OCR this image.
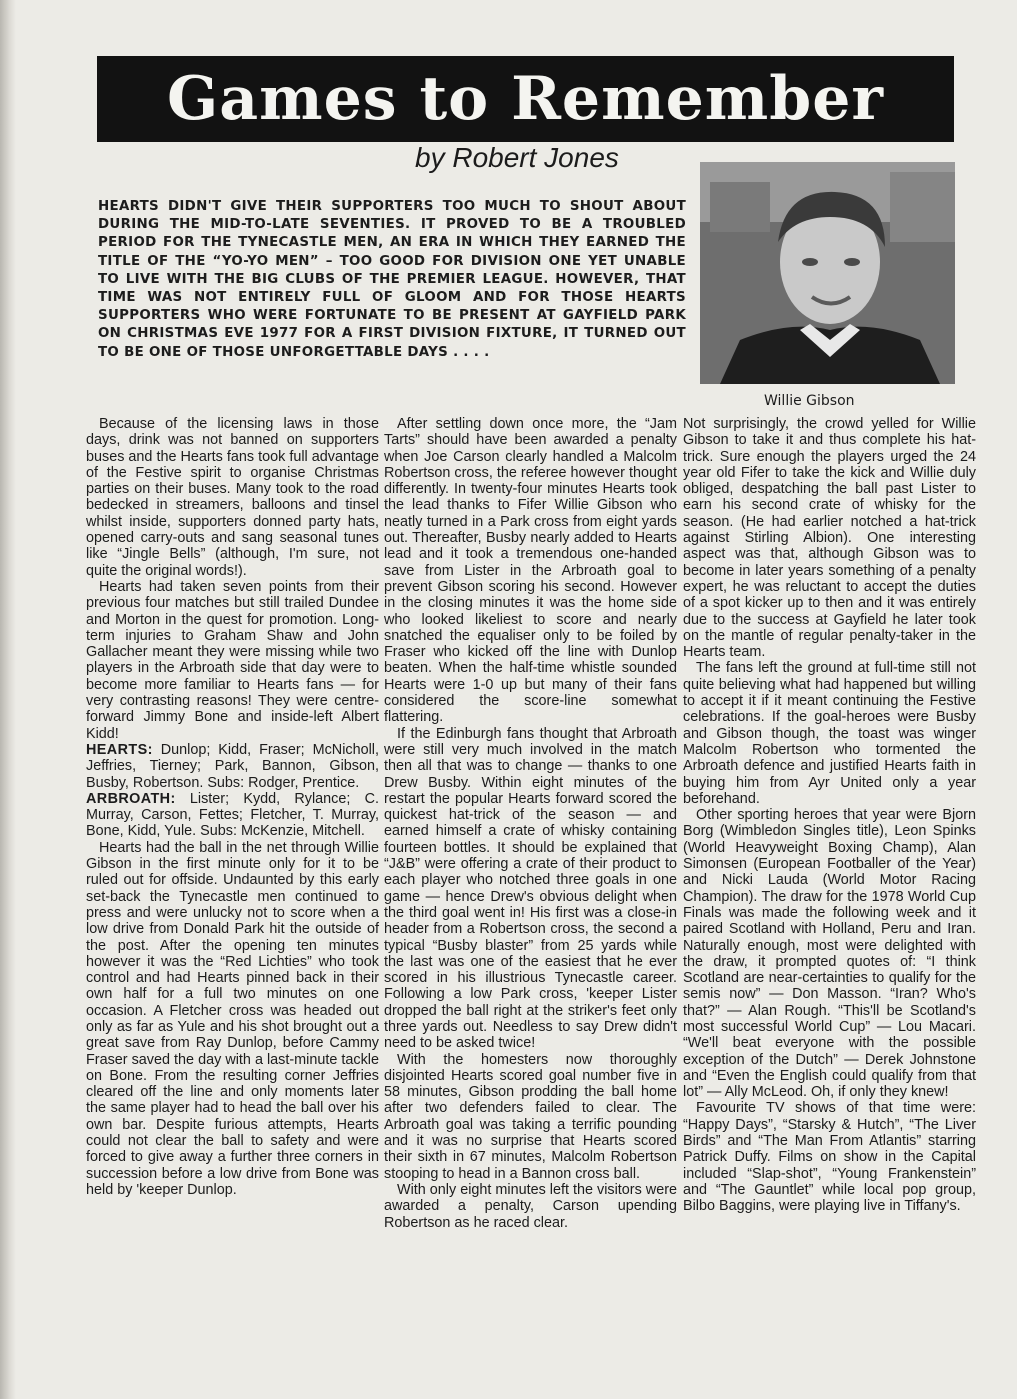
Games to Remember
by Robert Jones
HEARTS DIDN'T GIVE THEIR SUPPORTERS TOO MUCH TO SHOUT ABOUT DURING THE MID-TO-LATE SEVENTIES. IT PROVED TO BE A TROUBLED PERIOD FOR THE TYNECASTLE MEN, AN ERA IN WHICH THEY EARNED THE TITLE OF THE “YO-YO MEN” – TOO GOOD FOR DIVISION ONE YET UNABLE TO LIVE WITH THE BIG CLUBS OF THE PREMIER LEAGUE. HOWEVER, THAT TIME WAS NOT ENTIRELY FULL OF GLOOM AND FOR THOSE HEARTS SUPPORTERS WHO WERE FORTUNATE TO BE PRESENT AT GAYFIELD PARK ON CHRISTMAS EVE 1977 FOR A FIRST DIVISION FIXTURE, IT TURNED OUT TO BE ONE OF THOSE UNFORGETTABLE DAYS . . . .
Willie Gibson

Because of the licensing laws in those days, drink was not banned on supporters buses and the Hearts fans took full advantage of the Festive spirit to organise Christmas parties on their buses. Many took to the road bedecked in streamers, balloons and tinsel whilst inside, supporters donned party hats, opened carry-outs and sang seasonal tunes like “Jingle Bells” (although, I'm sure, not quite the original words!).

Hearts had taken seven points from their previous four matches but still trailed Dundee and Morton in the quest for promotion. Long-term injuries to Graham Shaw and John Gallacher meant they were missing while two players in the Arbroath side that day were to become more familiar to Hearts fans — for very contrasting reasons! They were centre-forward Jimmy Bone and inside-left Albert Kidd!

HEARTS: Dunlop; Kidd, Fraser; McNicholl, Jeffries, Tierney; Park, Bannon, Gibson, Busby, Robertson. Subs: Rodger, Prentice.

ARBROATH: Lister; Kydd, Rylance; C. Murray, Carson, Fettes; Fletcher, T. Murray, Bone, Kidd, Yule. Subs: McKenzie, Mitchell.

Hearts had the ball in the net through Willie Gibson in the first minute only for it to be ruled out for offside. Undaunted by this early set-back the Tynecastle men continued to press and were unlucky not to score when a low drive from Donald Park hit the outside of the post. After the opening ten minutes however it was the “Red Lichties” who took control and had Hearts pinned back in their own half for a full two minutes on one occasion. A Fletcher cross was headed out only as far as Yule and his shot brought out a great save from Ray Dunlop, before Cammy Fraser saved the day with a last-minute tackle on Bone. From the resulting corner Jeffries cleared off the line and only moments later the same player had to head the ball over his own bar. Despite furious attempts, Hearts could not clear the ball to safety and were forced to give away a further three corners in succession before a low drive from Bone was held by 'keeper Dunlop.

After settling down once more, the “Jam Tarts” should have been awarded a penalty when Joe Carson clearly handled a Malcolm Robertson cross, the referee however thought differently. In twenty-four minutes Hearts took the lead thanks to Fifer Willie Gibson who neatly turned in a Park cross from eight yards out. Thereafter, Busby nearly added to Hearts lead and it took a tremendous one-handed save from Lister in the Arbroath goal to prevent Gibson scoring his second. However in the closing minutes it was the home side who looked likeliest to score and nearly snatched the equaliser only to be foiled by Fraser who kicked off the line with Dunlop beaten. When the half-time whistle sounded Hearts were 1-0 up but many of their fans considered the score-line somewhat flattering.

If the Edinburgh fans thought that Arbroath were still very much involved in the match then all that was to change — thanks to one Drew Busby. Within eight minutes of the restart the popular Hearts forward scored the quickest hat-trick of the season — and earned himself a crate of whisky containing fourteen bottles. It should be explained that “J&B” were offering a crate of their product to each player who notched three goals in one game — hence Drew's obvious delight when the third goal went in! His first was a close-in header from a Robertson cross, the second a typical “Busby blaster” from 25 yards while the last was one of the easiest that he ever scored in his illustrious Tynecastle career. Following a low Park cross, 'keeper Lister dropped the ball right at the striker's feet only three yards out. Needless to say Drew didn't need to be asked twice!

With the homesters now thoroughly disjointed Hearts scored goal number five in 58 minutes, Gibson prodding the ball home after two defenders failed to clear. The Arbroath goal was taking a terrific pounding and it was no surprise that Hearts scored their sixth in 67 minutes, Malcolm Robertson stooping to head in a Bannon cross ball.

With only eight minutes left the visitors were awarded a penalty, Carson upending Robertson as he raced clear.

Not surprisingly, the crowd yelled for Willie Gibson to take it and thus complete his hat-trick. Sure enough the players urged the 24 year old Fifer to take the kick and Willie duly obliged, despatching the ball past Lister to earn his second crate of whisky for the season. (He had earlier notched a hat-trick against Stirling Albion). One interesting aspect was that, although Gibson was to become in later years something of a penalty expert, he was reluctant to accept the duties of a spot kicker up to then and it was entirely due to the success at Gayfield he later took on the mantle of regular penalty-taker in the Hearts team.

The fans left the ground at full-time still not quite believing what had happened but willing to accept it if it meant continuing the Festive celebrations. If the goal-heroes were Busby and Gibson though, the toast was winger Malcolm Robertson who tormented the Arbroath defence and justified Hearts faith in buying him from Ayr United only a year beforehand.

Other sporting heroes that year were Bjorn Borg (Wimbledon Singles title), Leon Spinks (World Heavyweight Boxing Champ), Alan Simonsen (European Footballer of the Year) and Nicki Lauda (World Motor Racing Champion). The draw for the 1978 World Cup Finals was made the following week and it paired Scotland with Holland, Peru and Iran. Naturally enough, most were delighted with the draw, it prompted quotes of: “I think Scotland are near-certainties to qualify for the semis now” — Don Masson. “Iran? Who's that?” — Alan Rough. “This'll be Scotland's most successful World Cup” — Lou Macari. “We'll beat everyone with the possible exception of the Dutch” — Derek Johnstone and “Even the English could qualify from that lot” — Ally McLeod. Oh, if only they knew!

Favourite TV shows of that time were: “Happy Days”, “Starsky & Hutch”, “The Liver Birds” and “The Man From Atlantis” starring Patrick Duffy. Films on show in the Capital included “Slap-shot”, “Young Frankenstein” and “The Gauntlet” while local pop group, Bilbo Baggins, were playing live in Tiffany's.
